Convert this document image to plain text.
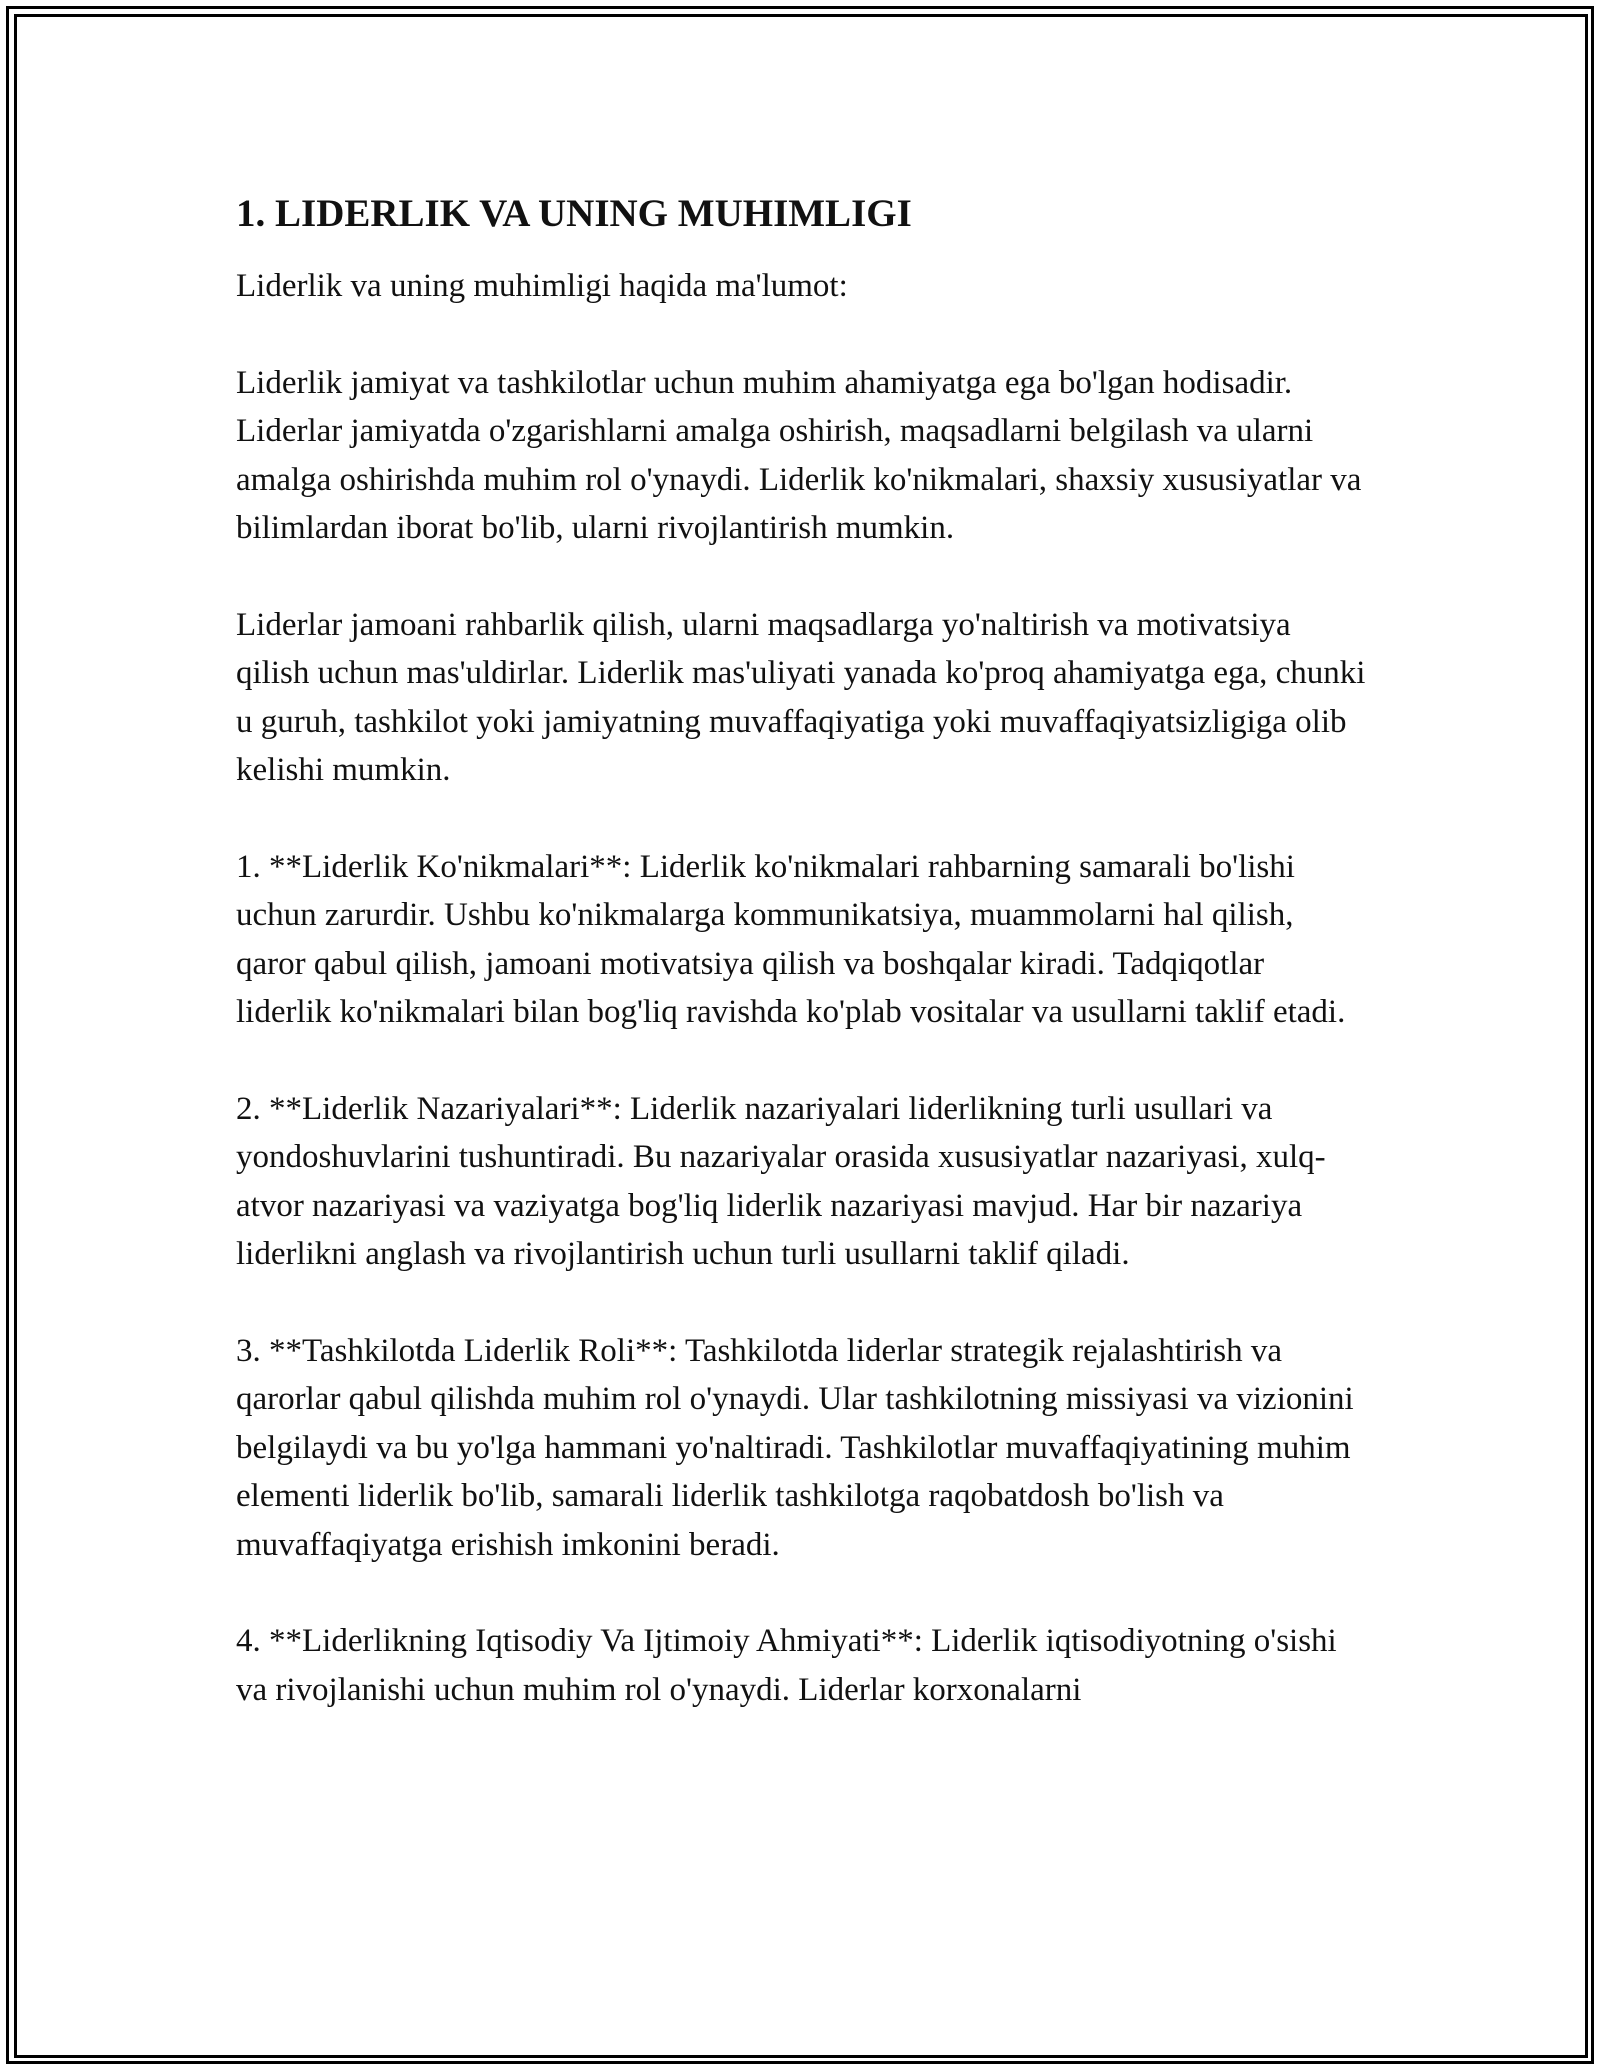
1. LIDERLIK VA UNING MUHIMLIGI
Liderlik va uning muhimligi haqida ma'lumot:
Liderlik jamiyat va tashkilotlar uchun muhim ahamiyatga ega bo'lgan hodisadir. Liderlar jamiyatda o'zgarishlarni amalga oshirish, maqsadlarni belgilash va ularni amalga oshirishda muhim rol o'ynaydi. Liderlik ko'nikmalari, shaxsiy xususiyatlar va bilimlardan iborat bo'lib, ularni rivojlantirish mumkin.
Liderlar jamoani rahbarlik qilish, ularni maqsadlarga yo'naltirish va motivatsiya qilish uchun mas'uldirlar. Liderlik mas'uliyati yanada ko'proq ahamiyatga ega, chunki u guruh, tashkilot yoki jamiyatning muvaffaqiyatiga yoki muvaffaqiyatsizligiga olib kelishi mumkin.
1. **Liderlik Ko'nikmalari**: Liderlik ko'nikmalari rahbarning samarali bo'lishi uchun zarurdir. Ushbu ko'nikmalarga kommunikatsiya, muammolarni hal qilish, qaror qabul qilish, jamoani motivatsiya qilish va boshqalar kiradi. Tadqiqotlar liderlik ko'nikmalari bilan bog'liq ravishda ko'plab vositalar va usullarni taklif etadi.
2. **Liderlik Nazariyalari**: Liderlik nazariyalari liderlikning turli usullari va yondoshuvlarini tushuntiradi. Bu nazariyalar orasida xususiyatlar nazariyasi, xulq-atvor nazariyasi va vaziyatga bog'liq liderlik nazariyasi mavjud. Har bir nazariya liderlikni anglash va rivojlantirish uchun turli usullarni taklif qiladi.
3. **Tashkilotda Liderlik Roli**: Tashkilotda liderlar strategik rejalashtirish va qarorlar qabul qilishda muhim rol o'ynaydi. Ular tashkilotning missiyasi va vizionini belgilaydi va bu yo'lga hammani yo'naltiradi. Tashkilotlar muvaffaqiyatining muhim elementi liderlik bo'lib, samarali liderlik tashkilotga raqobatdosh bo'lish va muvaffaqiyatga erishish imkonini beradi.
4. **Liderlikning Iqtisodiy Va Ijtimoiy Ahmiyati**: Liderlik iqtisodiyotning o'sishi va rivojlanishi uchun muhim rol o'ynaydi. Liderlar korxonalarni
